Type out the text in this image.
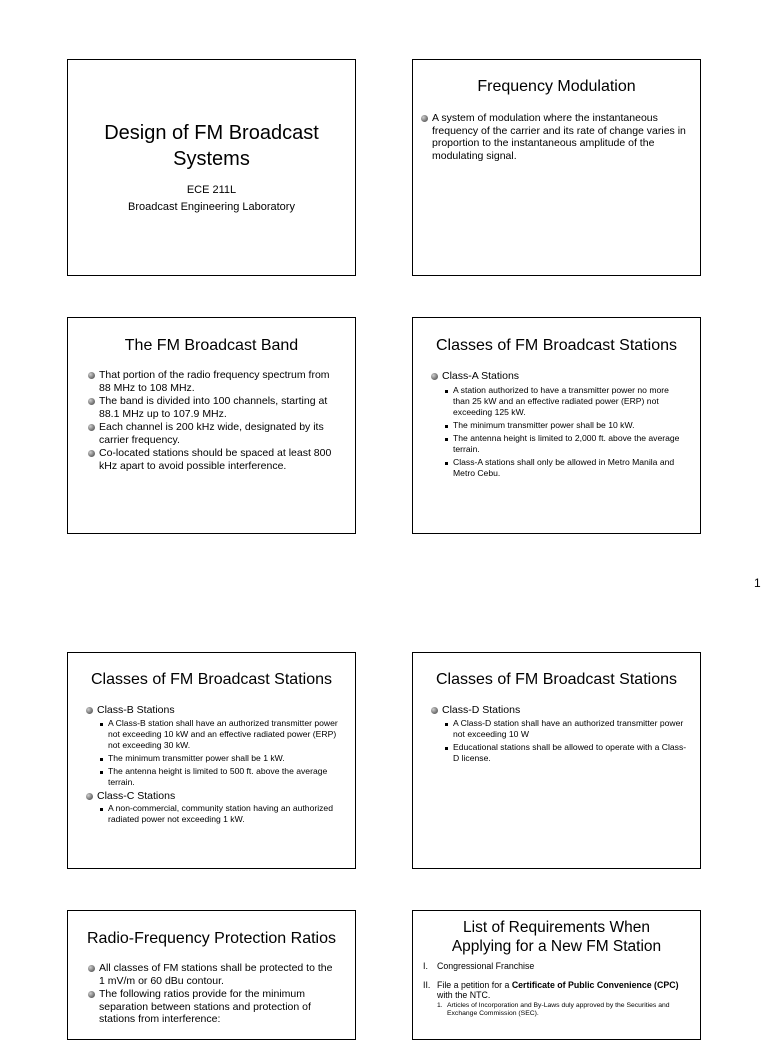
Design of FM Broadcast Systems
ECE 211L
Broadcast Engineering Laboratory
Frequency Modulation
A system of modulation where the instantaneous frequency of the carrier and its rate of change varies in proportion to the instantaneous amplitude of the modulating signal.
The FM Broadcast Band
That portion of the radio frequency spectrum from 88 MHz to 108 MHz.
The band is divided into 100 channels, starting at 88.1 MHz up to 107.9 MHz.
Each channel is 200 kHz wide, designated by its carrier frequency.
Co-located stations should be spaced at least 800 kHz apart to avoid possible interference.
Classes of FM Broadcast Stations
Class-A Stations
A station authorized to have a transmitter power no more than 25 kW and an effective radiated power (ERP) not exceeding 125 kW.
The minimum transmitter power shall be 10 kW.
The antenna height is limited to 2,000 ft. above the average terrain.
Class-A stations shall only be allowed in Metro Manila and Metro Cebu.
1
Classes of FM Broadcast Stations
Class-B Stations
A Class-B station shall have an authorized transmitter power not exceeding 10 kW and an effective radiated power (ERP) not exceeding 30 kW.
The minimum transmitter power shall be 1 kW.
The antenna height is limited to 500 ft. above the average terrain.
Class-C Stations
A non-commercial, community station having an authorized radiated power not exceeding 1 kW.
Classes of FM Broadcast Stations
Class-D Stations
A Class-D station shall have an authorized transmitter power not exceeding 10 W
Educational stations shall be allowed to operate with a Class-D license.
Radio-Frequency Protection Ratios
All classes of FM stations shall be protected to the 1 mV/m or 60 dBu contour.
The following ratios provide for the minimum separation between stations and protection of stations from interference:
List of Requirements When Applying for a New FM Station
I. Congressional Franchise
II. File a petition for a Certificate of Public Convenience (CPC) with the NTC.
1. Articles of Incorporation and By-Laws duly approved by the Securities and Exchange Commission (SEC).
